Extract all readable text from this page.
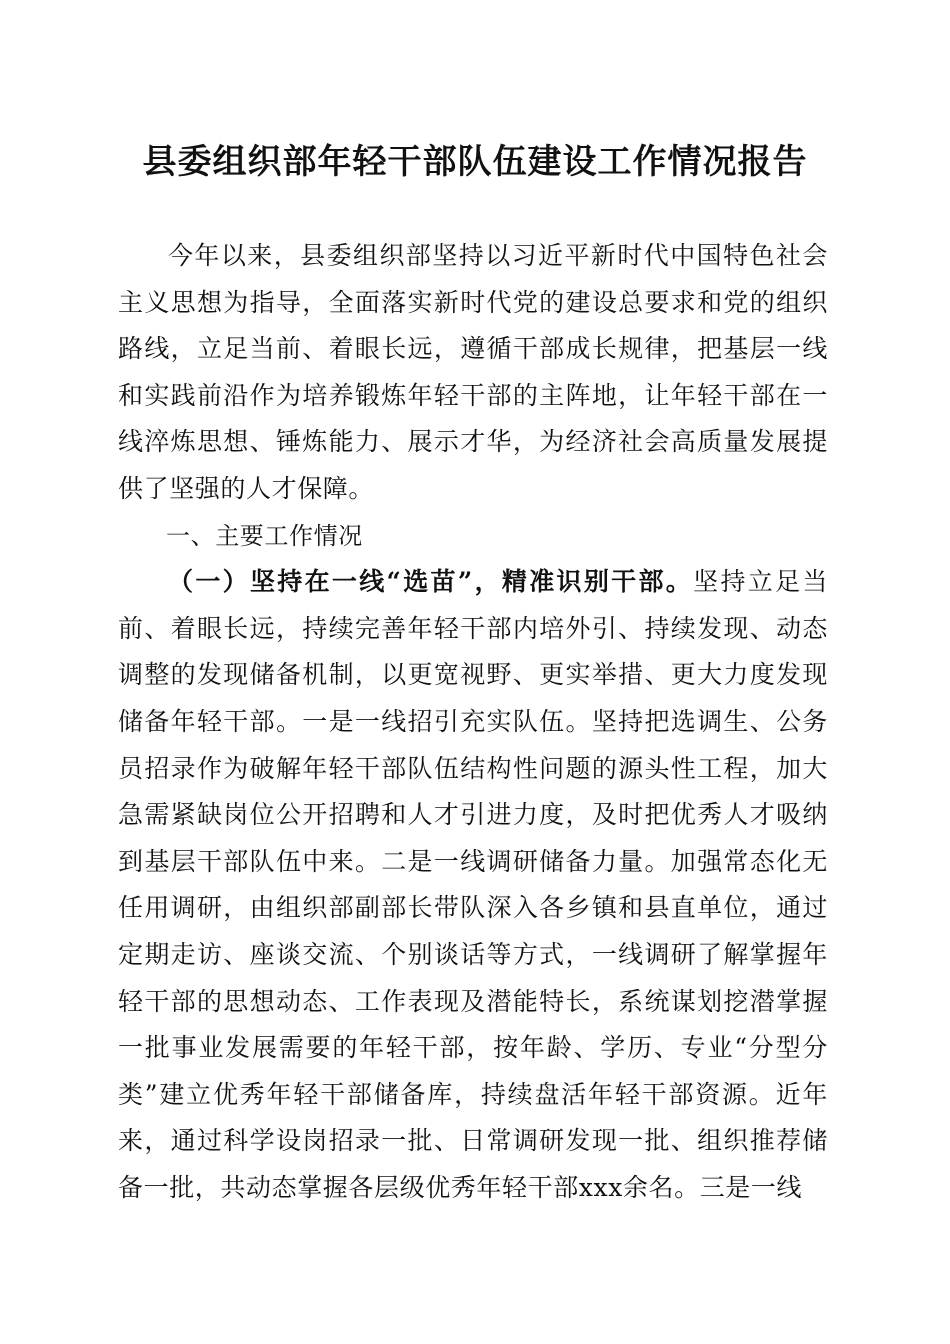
县委组织部年轻干部队伍建设工作情况报告

今年以来，县委组织部坚持以习近平新时代中国特色社会主义思想为指导，全面落实新时代党的建设总要求和党的组织路线，立足当前、着眼长远，遵循干部成长规律，把基层一线和实践前沿作为培养锻炼年轻干部的主阵地，让年轻干部在一线淬炼思想、锤炼能力、展示才华，为经济社会高质量发展提供了坚强的人才保障。

一、主要工作情况

（一）坚持在一线“选苗”，精准识别干部。坚持立足当前、着眼长远，持续完善年轻干部内培外引、持续发现、动态调整的发现储备机制，以更宽视野、更实举措、更大力度发现储备年轻干部。一是一线招引充实队伍。坚持把选调生、公务员招录作为破解年轻干部队伍结构性问题的源头性工程，加大急需紧缺岗位公开招聘和人才引进力度，及时把优秀人才吸纳到基层干部队伍中来。二是一线调研储备力量。加强常态化无任用调研，由组织部副部长带队深入各乡镇和县直单位，通过定期走访、座谈交流、个别谈话等方式，一线调研了解掌握年轻干部的思想动态、工作表现及潜能特长，系统谋划挖潜掌握一批事业发展需要的年轻干部，按年龄、学历、专业“分型分类”建立优秀年轻干部储备库，持续盘活年轻干部资源。近年来，通过科学设岗招录一批、日常调研发现一批、组织推荐储备一批，共动态掌握各层级优秀年轻干部xxx余名。三是一线
